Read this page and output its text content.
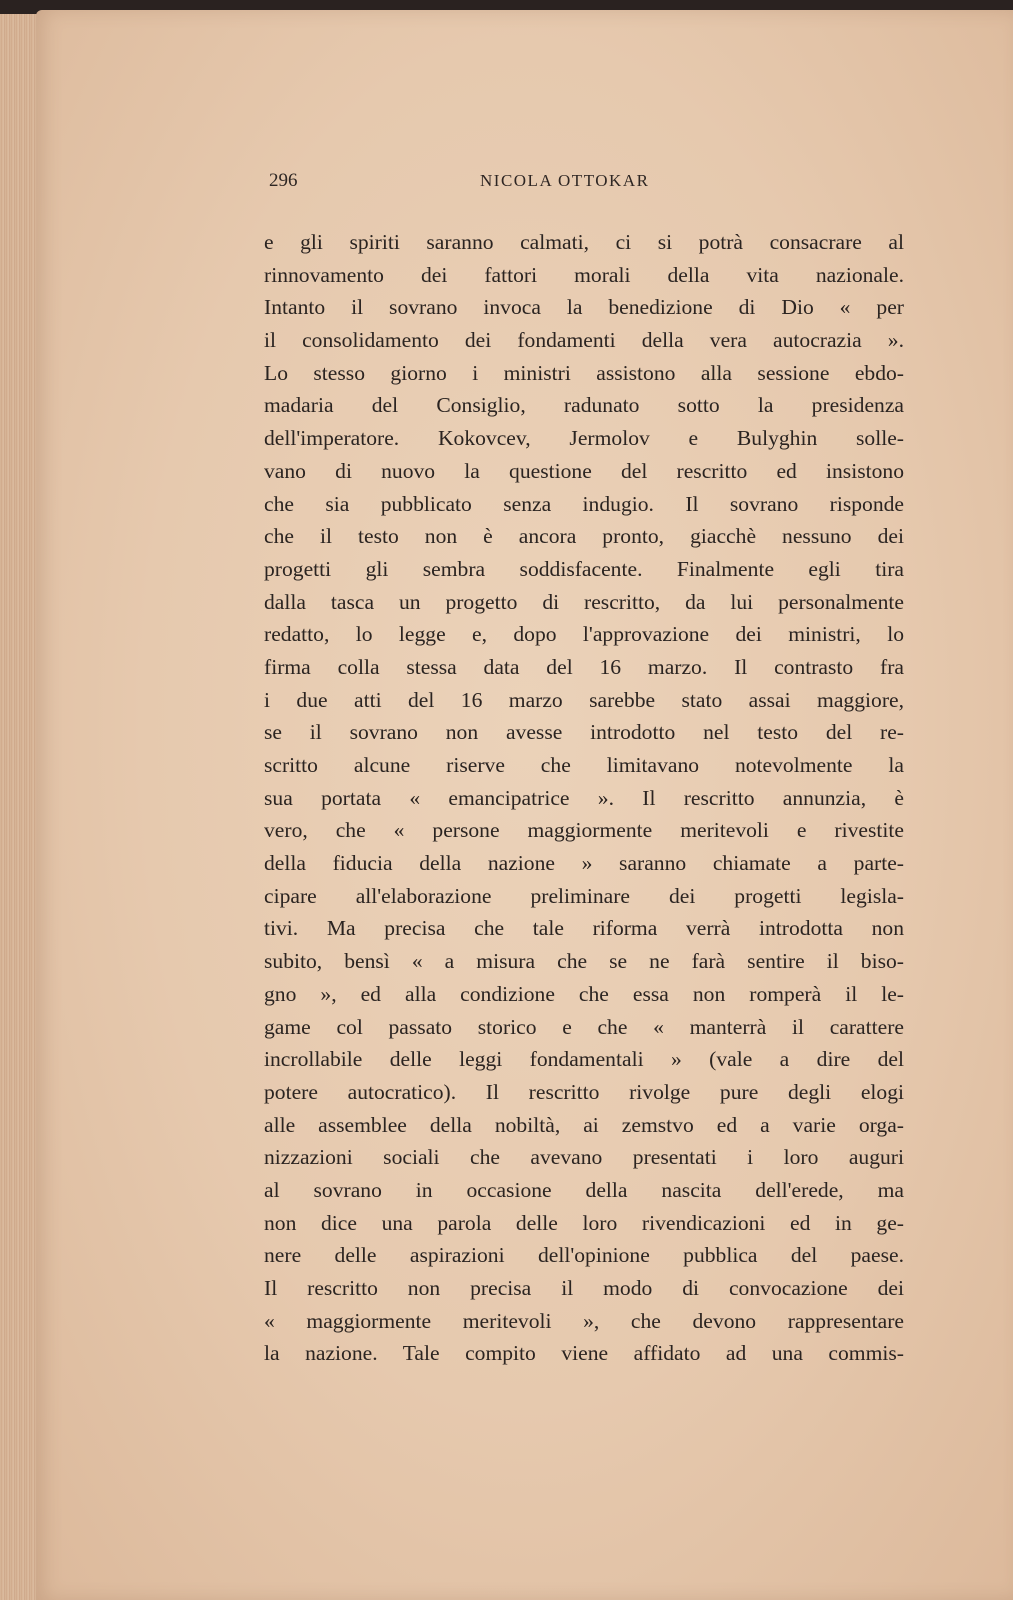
296	NICOLA OTTOKAR
e gli spiriti saranno calmati, ci si potrà consacrare al
rinnovamento dei fattori morali della vita nazionale.
Intanto il sovrano invoca la benedizione di Dio « per
il consolidamento dei fondamenti della vera autocrazia ».
Lo stesso giorno i ministri assistono alla sessione ebdo-
madaria del Consiglio, radunato sotto la presidenza
dell'imperatore. Kokovcev, Jermolov e Bulyghin solle-
vano di nuovo la questione del rescritto ed insistono
che sia pubblicato senza indugio. Il sovrano risponde
che il testo non è ancora pronto, giacchè nessuno dei
progetti gli sembra soddisfacente. Finalmente egli tira
dalla tasca un progetto di rescritto, da lui personalmente
redatto, lo legge e, dopo l'approvazione dei ministri, lo
firma colla stessa data del 16 marzo. Il contrasto fra
i due atti del 16 marzo sarebbe stato assai maggiore,
se il sovrano non avesse introdotto nel testo del re-
scritto alcune riserve che limitavano notevolmente la
sua portata « emancipatrice ». Il rescritto annunzia, è
vero, che « persone maggiormente meritevoli e rivestite
della fiducia della nazione » saranno chiamate a parte-
cipare all'elaborazione preliminare dei progetti legisla-
tivi. Ma precisa che tale riforma verrà introdotta non
subito, bensì « a misura che se ne farà sentire il biso-
gno », ed alla condizione che essa non romperà il le-
game col passato storico e che « manterrà il carattere
incrollabile delle leggi fondamentali » (vale a dire del
potere autocratico). Il rescritto rivolge pure degli elogi
alle assemblee della nobiltà, ai zemstvo ed a varie orga-
nizzazioni sociali che avevano presentati i loro auguri
al sovrano in occasione della nascita dell'erede, ma
non dice una parola delle loro rivendicazioni ed in ge-
nere delle aspirazioni dell'opinione pubblica del paese.
Il rescritto non precisa il modo di convocazione dei
« maggiormente meritevoli », che devono rappresentare
la nazione. Tale compito viene affidato ad una commis-
